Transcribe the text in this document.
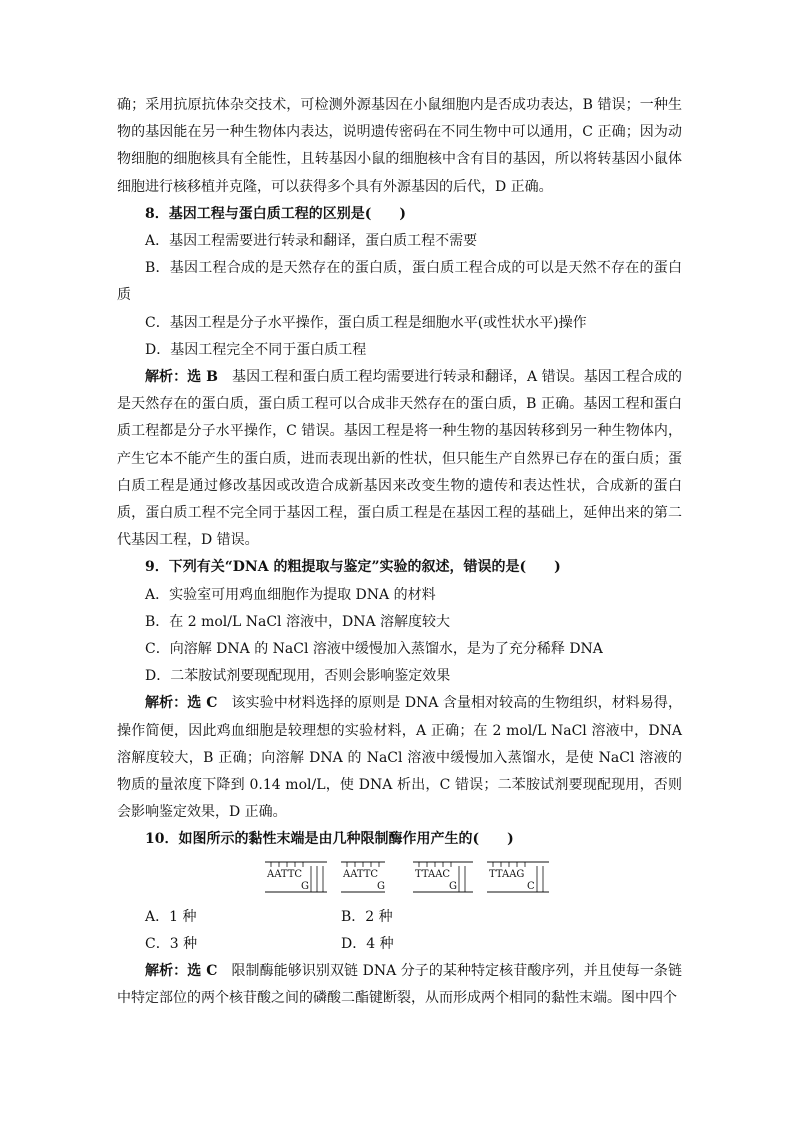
确；采用抗原抗体杂交技术，可检测外源基因在小鼠细胞内是否成功表达，B 错误；一种生物的基因能在另一种生物体内表达，说明遗传密码在不同生物中可以通用，C 正确；因为动物细胞的细胞核具有全能性，且转基因小鼠的细胞核中含有目的基因，所以将转基因小鼠体细胞进行核移植并克隆，可以获得多个具有外源基因的后代，D 正确。

8．基因工程与蛋白质工程的区别是(　　)

A．基因工程需要进行转录和翻译，蛋白质工程不需要

B．基因工程合成的是天然存在的蛋白质，蛋白质工程合成的可以是天然不存在的蛋白质

C．基因工程是分子水平操作，蛋白质工程是细胞水平(或性状水平)操作

D．基因工程完全不同于蛋白质工程

解析：选 B　基因工程和蛋白质工程均需要进行转录和翻译，A 错误。基因工程合成的是天然存在的蛋白质，蛋白质工程可以合成非天然存在的蛋白质，B 正确。基因工程和蛋白质工程都是分子水平操作，C 错误。基因工程是将一种生物的基因转移到另一种生物体内，产生它本不能产生的蛋白质，进而表现出新的性状，但只能生产自然界已存在的蛋白质；蛋白质工程是通过修改基因或改造合成新基因来改变生物的遗传和表达性状，合成新的蛋白质，蛋白质工程不完全同于基因工程，蛋白质工程是在基因工程的基础上，延伸出来的第二代基因工程，D 错误。

9．下列有关“DNA 的粗提取与鉴定”实验的叙述，错误的是(　　)

A．实验室可用鸡血细胞作为提取 DNA 的材料

B．在 2 mol/L NaCl 溶液中，DNA 溶解度较大

C．向溶解 DNA 的 NaCl 溶液中缓慢加入蒸馏水，是为了充分稀释 DNA

D．二苯胺试剂要现配现用，否则会影响鉴定效果

解析：选 C　该实验中材料选择的原则是 DNA 含量相对较高的生物组织，材料易得，操作简便，因此鸡血细胞是较理想的实验材料，A 正确；在 2 mol/L NaCl 溶液中，DNA 溶解度较大，B 正确；向溶解 DNA 的 NaCl 溶液中缓慢加入蒸馏水，是使 NaCl 溶液的物质的量浓度下降到 0.14 mol/L，使 DNA 析出，C 错误；二苯胺试剂要现配现用，否则会影响鉴定效果，D 正确。

10．如图所示的黏性末端是由几种限制酶作用产生的(　　)

AATTC
G
AATTC
G
TTAAC
G
TTAAG
C
A．1 种	B．2 种
C．3 种	D．4 种

解析：选 C　限制酶能够识别双链 DNA 分子的某种特定核苷酸序列，并且使每一条链中特定部位的两个核苷酸之间的磷酸二酯键断裂，从而形成两个相同的黏性末端。图中四个
